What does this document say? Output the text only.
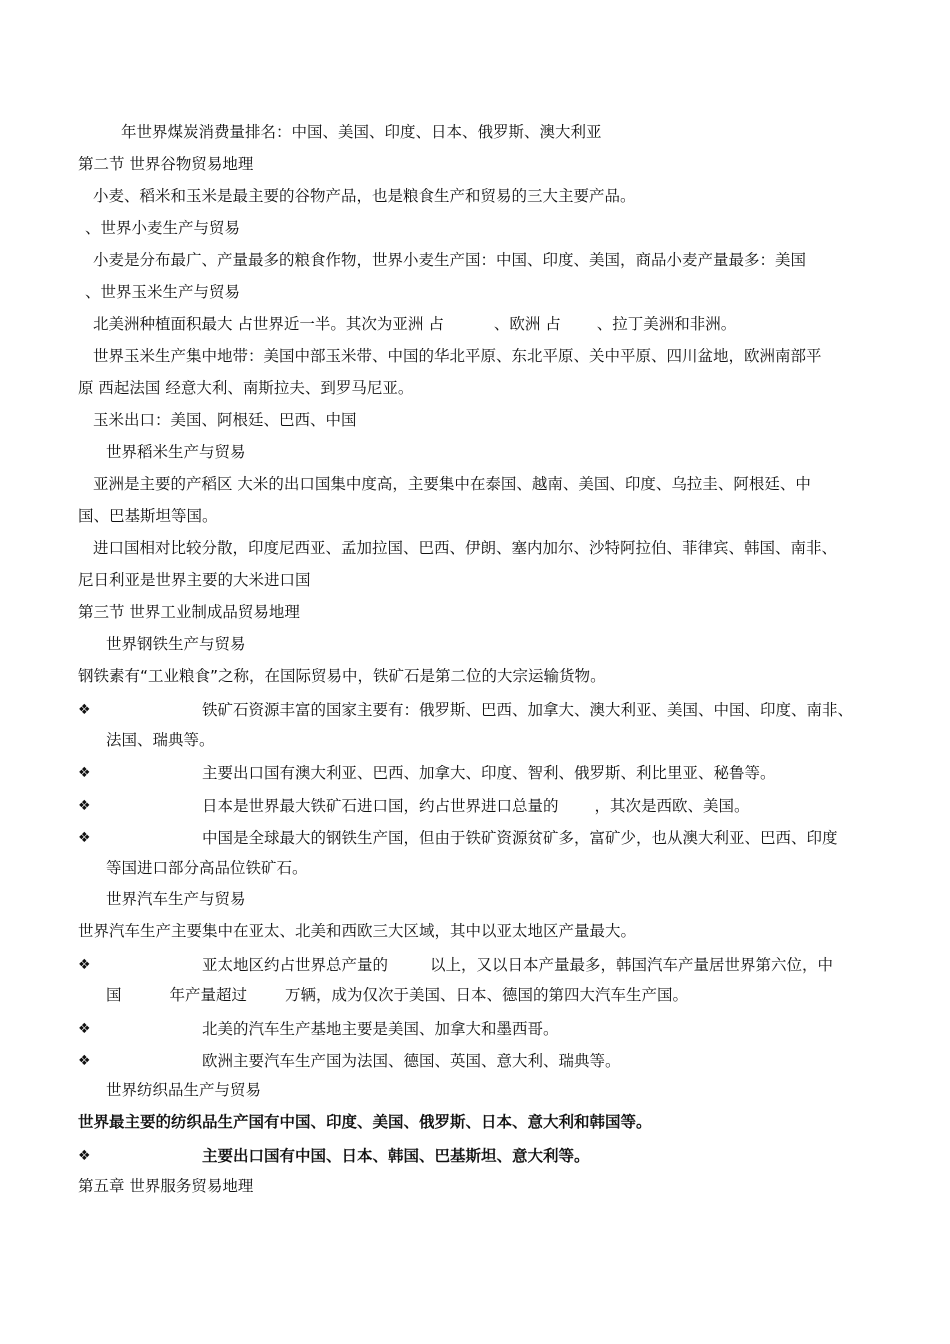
年世界煤炭消费量排名：中国、美国、印度、日本、俄罗斯、澳大利亚
第二节 世界谷物贸易地理
小麦、稻米和玉米是最主要的谷物产品，也是粮食生产和贸易的三大主要产品。
、世界小麦生产与贸易
小麦是分布最广、产量最多的粮食作物，世界小麦生产国：中国、印度、美国，商品小麦产量最多：美国
、世界玉米生产与贸易
北美洲种植面积最大 占世界近一半。其次为亚洲 占	、欧洲 占 、拉丁美洲和非洲。
世界玉米生产集中地带：美国中部玉米带、中国的华北平原、东北平原、关中平原、四川盆地，欧洲南部平
原 西起法国 经意大利、南斯拉夫、到罗马尼亚。
玉米出口：美国、阿根廷、巴西、中国
世界稻米生产与贸易
亚洲是主要的产稻区 大米的出口国集中度高，主要集中在泰国、越南、美国、印度、乌拉圭、阿根廷、中
国、巴基斯坦等国。
进口国相对比较分散，印度尼西亚、孟加拉国、巴西、伊朗、塞内加尔、沙特阿拉伯、菲律宾、韩国、南非、
尼日利亚是世界主要的大米进口国
第三节 世界工业制成品贸易地理
世界钢铁生产与贸易
钢铁素有“工业粮食”之称，在国际贸易中，铁矿石是第二位的大宗运输货物。
❖	铁矿石资源丰富的国家主要有：俄罗斯、巴西、加拿大、澳大利亚、美国、中国、印度、南非、
法国、瑞典等。
❖	主要出口国有澳大利亚、巴西、加拿大、印度、智利、俄罗斯、利比里亚、秘鲁等。
❖	日本是世界最大铁矿石进口国，约占世界进口总量的 ，其次是西欧、美国。
❖	中国是全球最大的钢铁生产国，但由于铁矿资源贫矿多，富矿少，也从澳大利亚、巴西、印度
等国进口部分高品位铁矿石。
世界汽车生产与贸易
世界汽车生产主要集中在亚太、北美和西欧三大区域，其中以亚太地区产量最大。
❖	亚太地区约占世界总产量的	以上，又以日本产量最多，韩国汽车产量居世界第六位，中
国	年产量超过 万辆，成为仅次于美国、日本、德国的第四大汽车生产国。
❖	北美的汽车生产基地主要是美国、加拿大和墨西哥。
❖	欧洲主要汽车生产国为法国、德国、英国、意大利、瑞典等。
世界纺织品生产与贸易
世界最主要的纺织品生产国有中国、印度、美国、俄罗斯、日本、意大利和韩国等。
❖	主要出口国有中国、日本、韩国、巴基斯坦、意大利等。
第五章 世界服务贸易地理
